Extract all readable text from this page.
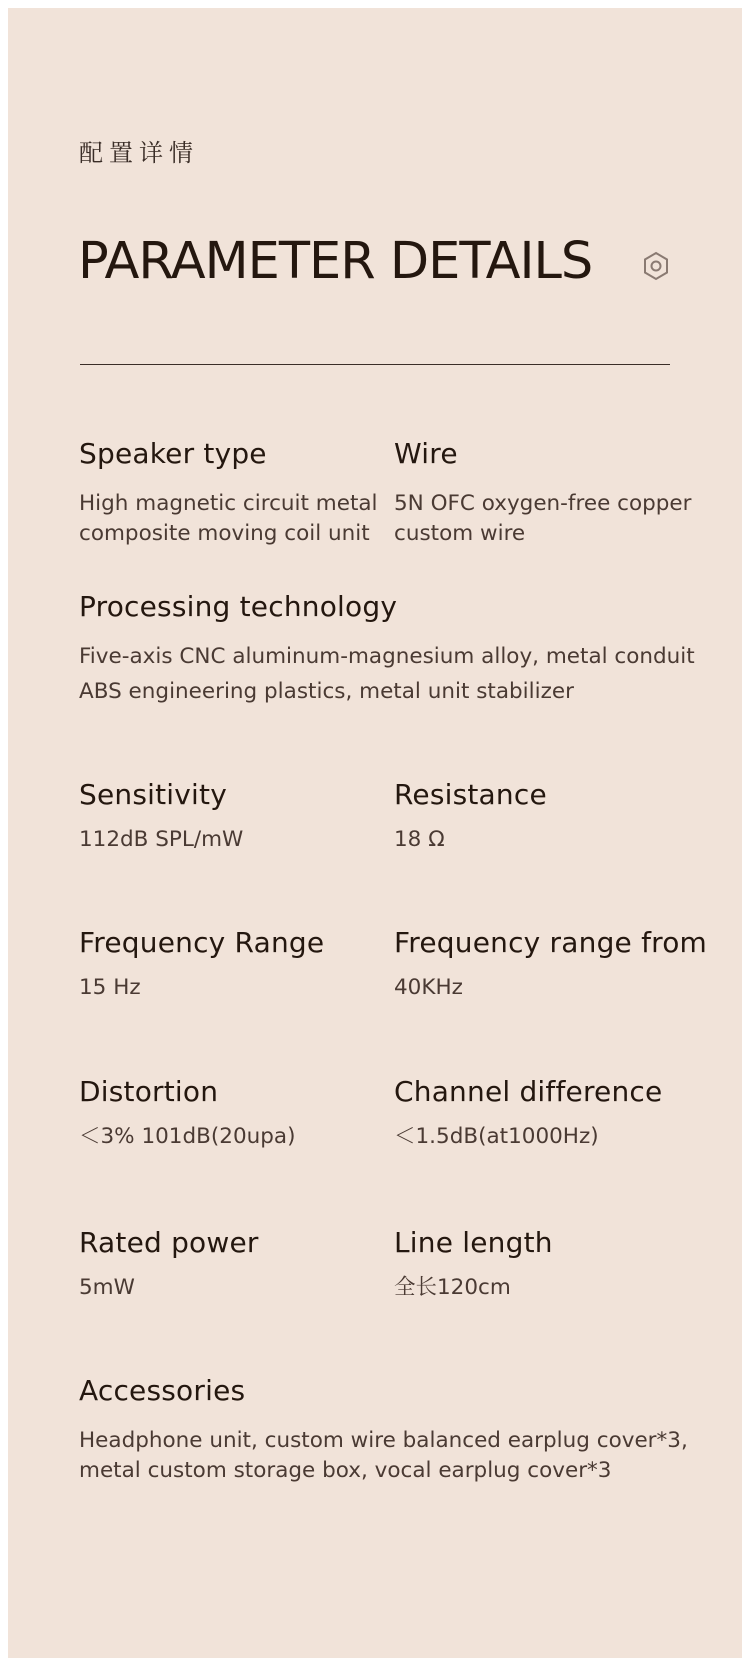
配置详情
PARAMETER DETAILS
Speaker type
High magnetic circuit metal
composite moving coil unit
Wire
5N OFC oxygen-free copper
custom wire
Processing technology
Five-axis CNC aluminum-magnesium alloy, metal conduit
ABS engineering plastics, metal unit stabilizer
Sensitivity
112dB SPL/mW
Resistance
18 Ω
Frequency Range
15 Hz
Frequency range from
40KHz
Distortion
＜3% 101dB(20upa)
Channel difference
＜1.5dB(at1000Hz)
Rated power
5mW
Line length
全长120cm
Accessories
Headphone unit, custom wire balanced earplug cover*3,
metal custom storage box, vocal earplug cover*3
